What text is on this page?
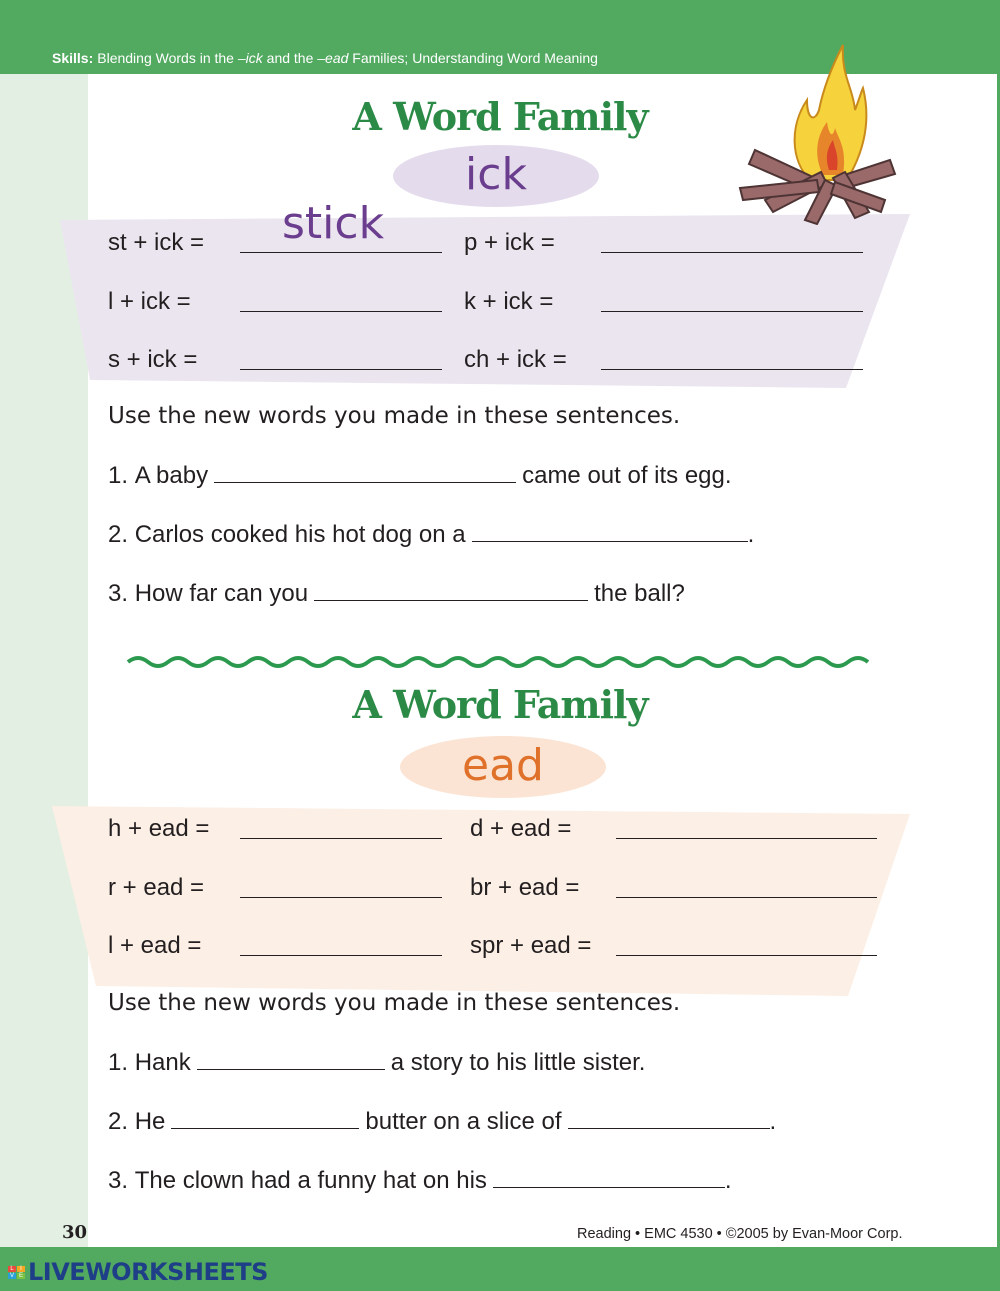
Skills: Blending Words in the –ick and the –ead Families; Understanding Word Meaning
A Word Family
ick
st + ick = stick	p + ick =
l + ick =	k + ick =
s + ick =	ch + ick =
Use the new words you made in these sentences.
1.
A baby	came out of its egg.
2.
Carlos cooked his hot dog on a	.
3.
How far can you	the ball?
A Word Family
ead
h + ead =	d + ead =
r + ead =	br + ead =
l + ead =	spr + ead =
Use the new words you made in these sentences.
1.
Hank	a story to his little sister.
2.
He	butter on a slice of	.
3.
The clown had a funny hat on his	.
30	Reading • EMC 4530 • ©2005 by Evan-Moor Corp.
L	I
V E LIVEWORKSHEETS
